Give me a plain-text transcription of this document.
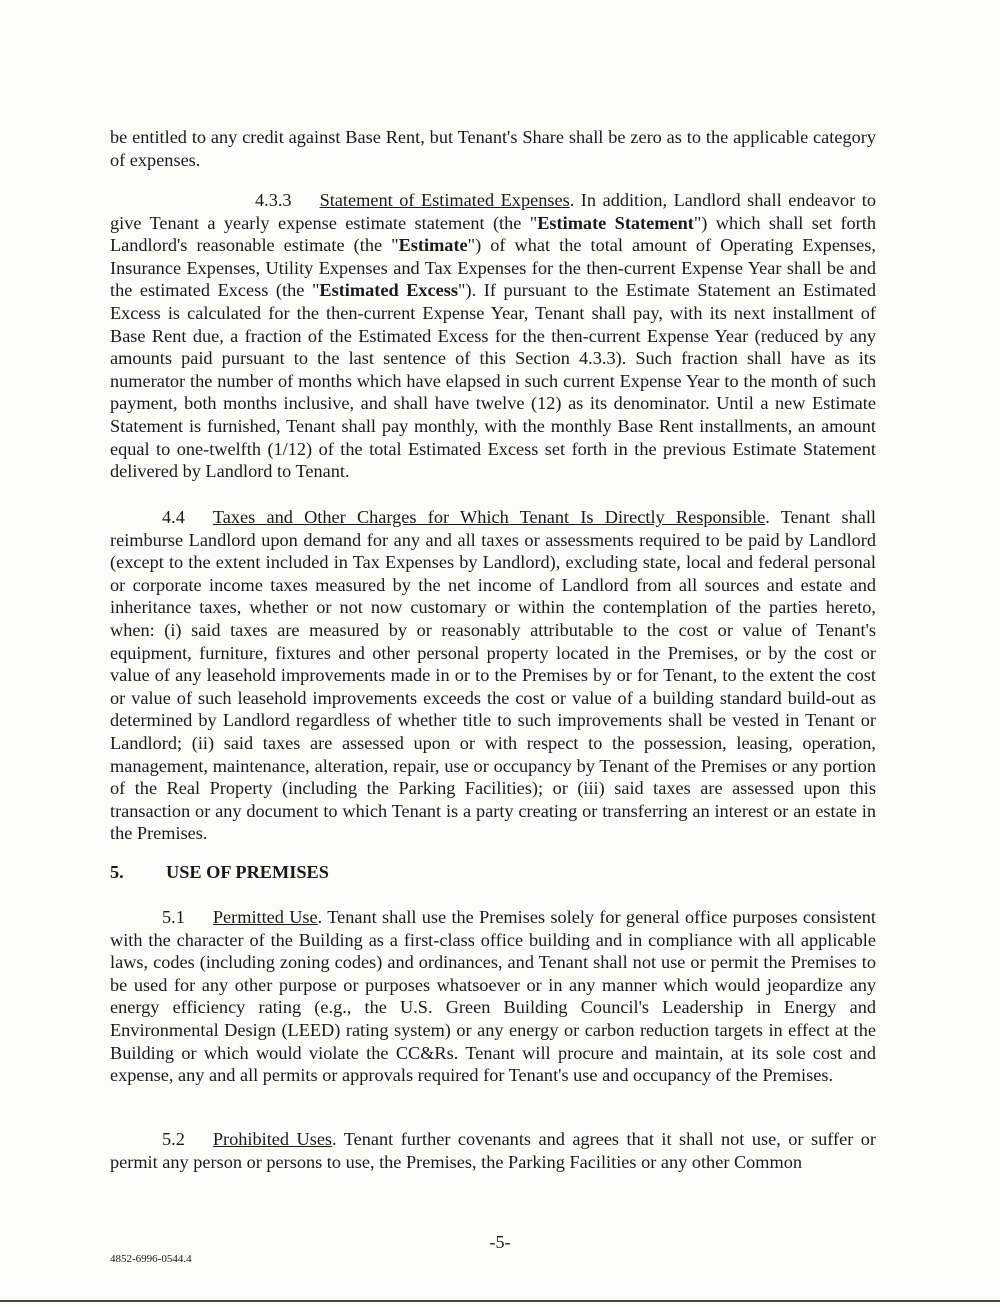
be entitled to any credit against Base Rent, but Tenant's Share shall be zero as to the applicable category of expenses.

4.3.3 Statement of Estimated Expenses. In addition, Landlord shall endeavor to give Tenant a yearly expense estimate statement (the "Estimate Statement") which shall set forth Landlord's reasonable estimate (the "Estimate") of what the total amount of Operating Expenses, Insurance Expenses, Utility Expenses and Tax Expenses for the then-current Expense Year shall be and the estimated Excess (the "Estimated Excess"). If pursuant to the Estimate Statement an Estimated Excess is calculated for the then-current Expense Year, Tenant shall pay, with its next installment of Base Rent due, a fraction of the Estimated Excess for the then-current Expense Year (reduced by any amounts paid pursuant to the last sentence of this Section 4.3.3). Such fraction shall have as its numerator the number of months which have elapsed in such current Expense Year to the month of such payment, both months inclusive, and shall have twelve (12) as its denominator. Until a new Estimate Statement is furnished, Tenant shall pay monthly, with the monthly Base Rent installments, an amount equal to one-twelfth (1/12) of the total Estimated Excess set forth in the previous Estimate Statement delivered by Landlord to Tenant.

4.4 Taxes and Other Charges for Which Tenant Is Directly Responsible. Tenant shall reimburse Landlord upon demand for any and all taxes or assessments required to be paid by Landlord (except to the extent included in Tax Expenses by Landlord), excluding state, local and federal personal or corporate income taxes measured by the net income of Landlord from all sources and estate and inheritance taxes, whether or not now customary or within the contemplation of the parties hereto, when: (i) said taxes are measured by or reasonably attributable to the cost or value of Tenant's equipment, furniture, fixtures and other personal property located in the Premises, or by the cost or value of any leasehold improvements made in or to the Premises by or for Tenant, to the extent the cost or value of such leasehold improvements exceeds the cost or value of a building standard build-out as determined by Landlord regardless of whether title to such improvements shall be vested in Tenant or Landlord; (ii) said taxes are assessed upon or with respect to the possession, leasing, operation, management, maintenance, alteration, repair, use or occupancy by Tenant of the Premises or any portion of the Real Property (including the Parking Facilities); or (iii) said taxes are assessed upon this transaction or any document to which Tenant is a party creating or transferring an interest or an estate in the Premises.

5. USE OF PREMISES

5.1 Permitted Use. Tenant shall use the Premises solely for general office purposes consistent with the character of the Building as a first-class office building and in compliance with all applicable laws, codes (including zoning codes) and ordinances, and Tenant shall not use or permit the Premises to be used for any other purpose or purposes whatsoever or in any manner which would jeopardize any energy efficiency rating (e.g., the U.S. Green Building Council's Leadership in Energy and Environmental Design (LEED) rating system) or any energy or carbon reduction targets in effect at the Building or which would violate the CC&Rs. Tenant will procure and maintain, at its sole cost and expense, any and all permits or approvals required for Tenant's use and occupancy of the Premises.

5.2 Prohibited Uses. Tenant further covenants and agrees that it shall not use, or suffer or permit any person or persons to use, the Premises, the Parking Facilities or any other Common

-5-
4852-6996-0544.4
